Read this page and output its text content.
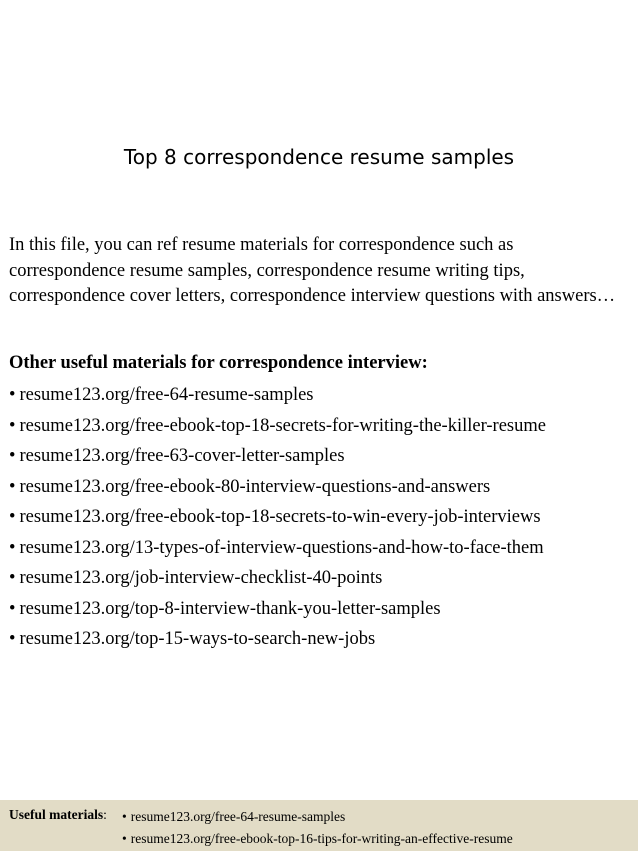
Top 8 correspondence resume samples

In this file, you can ref resume materials for correspondence such as correspondence resume samples, correspondence resume writing tips, correspondence cover letters, correspondence interview questions with answers…

Other useful materials for correspondence interview:

• resume123.org/free-64-resume-samples
• resume123.org/free-ebook-top-18-secrets-for-writing-the-killer-resume
• resume123.org/free-63-cover-letter-samples
• resume123.org/free-ebook-80-interview-questions-and-answers
• resume123.org/free-ebook-top-18-secrets-to-win-every-job-interviews
• resume123.org/13-types-of-interview-questions-and-how-to-face-them
• resume123.org/job-interview-checklist-40-points
• resume123.org/top-8-interview-thank-you-letter-samples
• resume123.org/top-15-ways-to-search-new-jobs
Useful materials: • resume123.org/free-64-resume-samples
• resume123.org/free-ebook-top-16-tips-for-writing-an-effective-resume
